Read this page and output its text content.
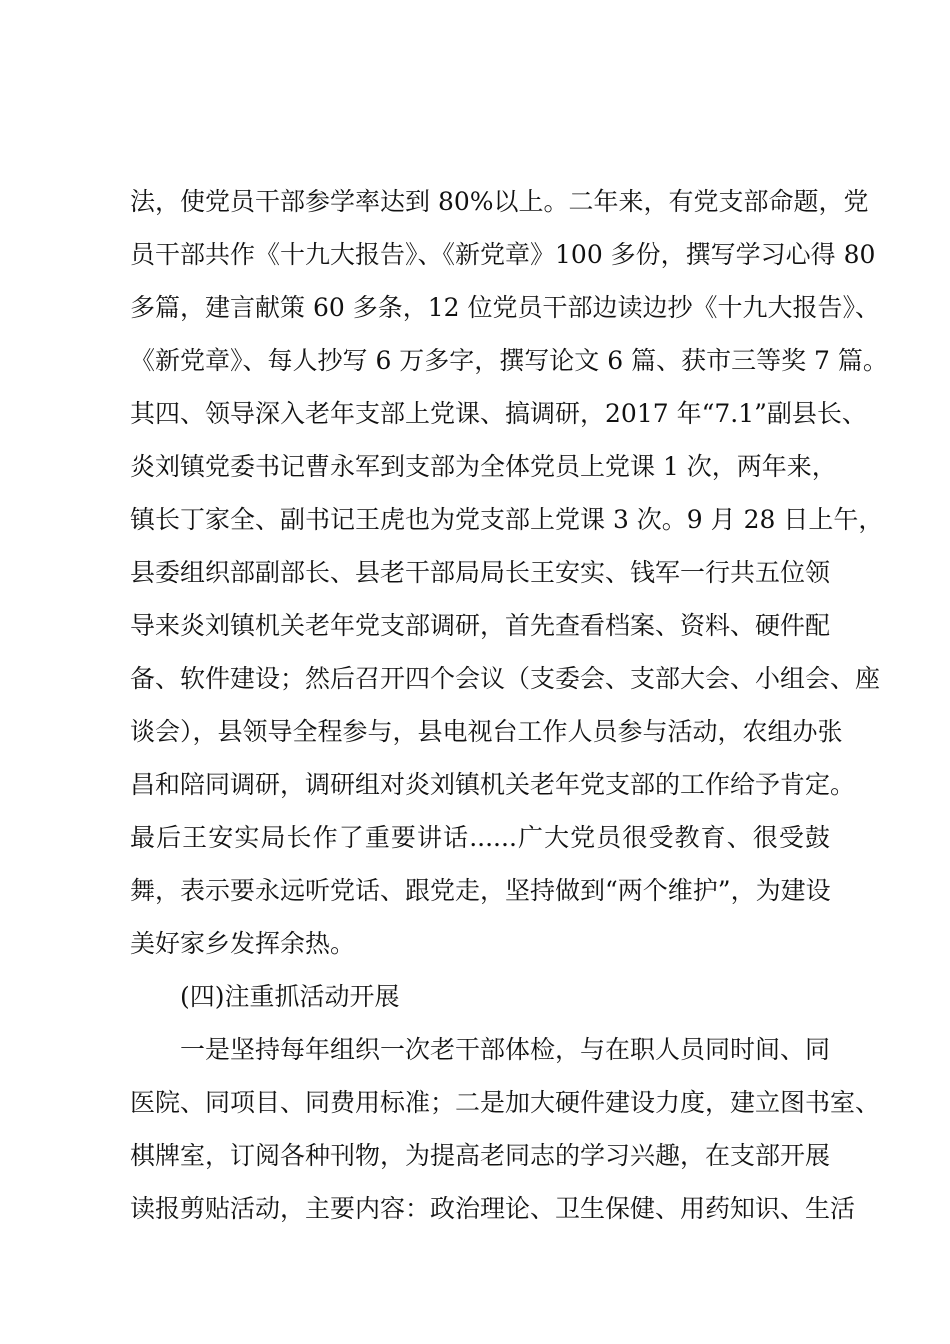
法，使党员干部参学率达到 80%以上。二年来，有党支部命题，党
员干部共作《十九大报告》、《新党章》100 多份，撰写学习心得 80
多篇，建言献策 60 多条，12 位党员干部边读边抄《十九大报告》、
《新党章》、每人抄写 6 万多字，撰写论文 6 篇、获市三等奖 7 篇。
其四、领导深入老年支部上党课、搞调研，2017 年“7.1”副县长、
炎刘镇党委书记曹永军到支部为全体党员上党课 1 次，两年来，
镇长丁家全、副书记王虎也为党支部上党课 3 次。9 月 28 日上午，
县委组织部副部长、县老干部局局长王安实、钱军一行共五位领
导来炎刘镇机关老年党支部调研，首先查看档案、资料、硬件配
备、软件建设；然后召开四个会议（支委会、支部大会、小组会、座
谈会），县领导全程参与，县电视台工作人员参与活动，农组办张
昌和陪同调研，调研组对炎刘镇机关老年党支部的工作给予肯定。
最后王安实局长作了重要讲话......广大党员很受教育、很受鼓
舞，表示要永远听党话、跟党走，坚持做到“两个维护”，为建设
美好家乡发挥余热。
(四)注重抓活动开展
一是坚持每年组织一次老干部体检，与在职人员同时间、同
医院、同项目、同费用标准；二是加大硬件建设力度，建立图书室、
棋牌室，订阅各种刊物，为提高老同志的学习兴趣，在支部开展
读报剪贴活动，主要内容：政治理论、卫生保健、用药知识、生活
